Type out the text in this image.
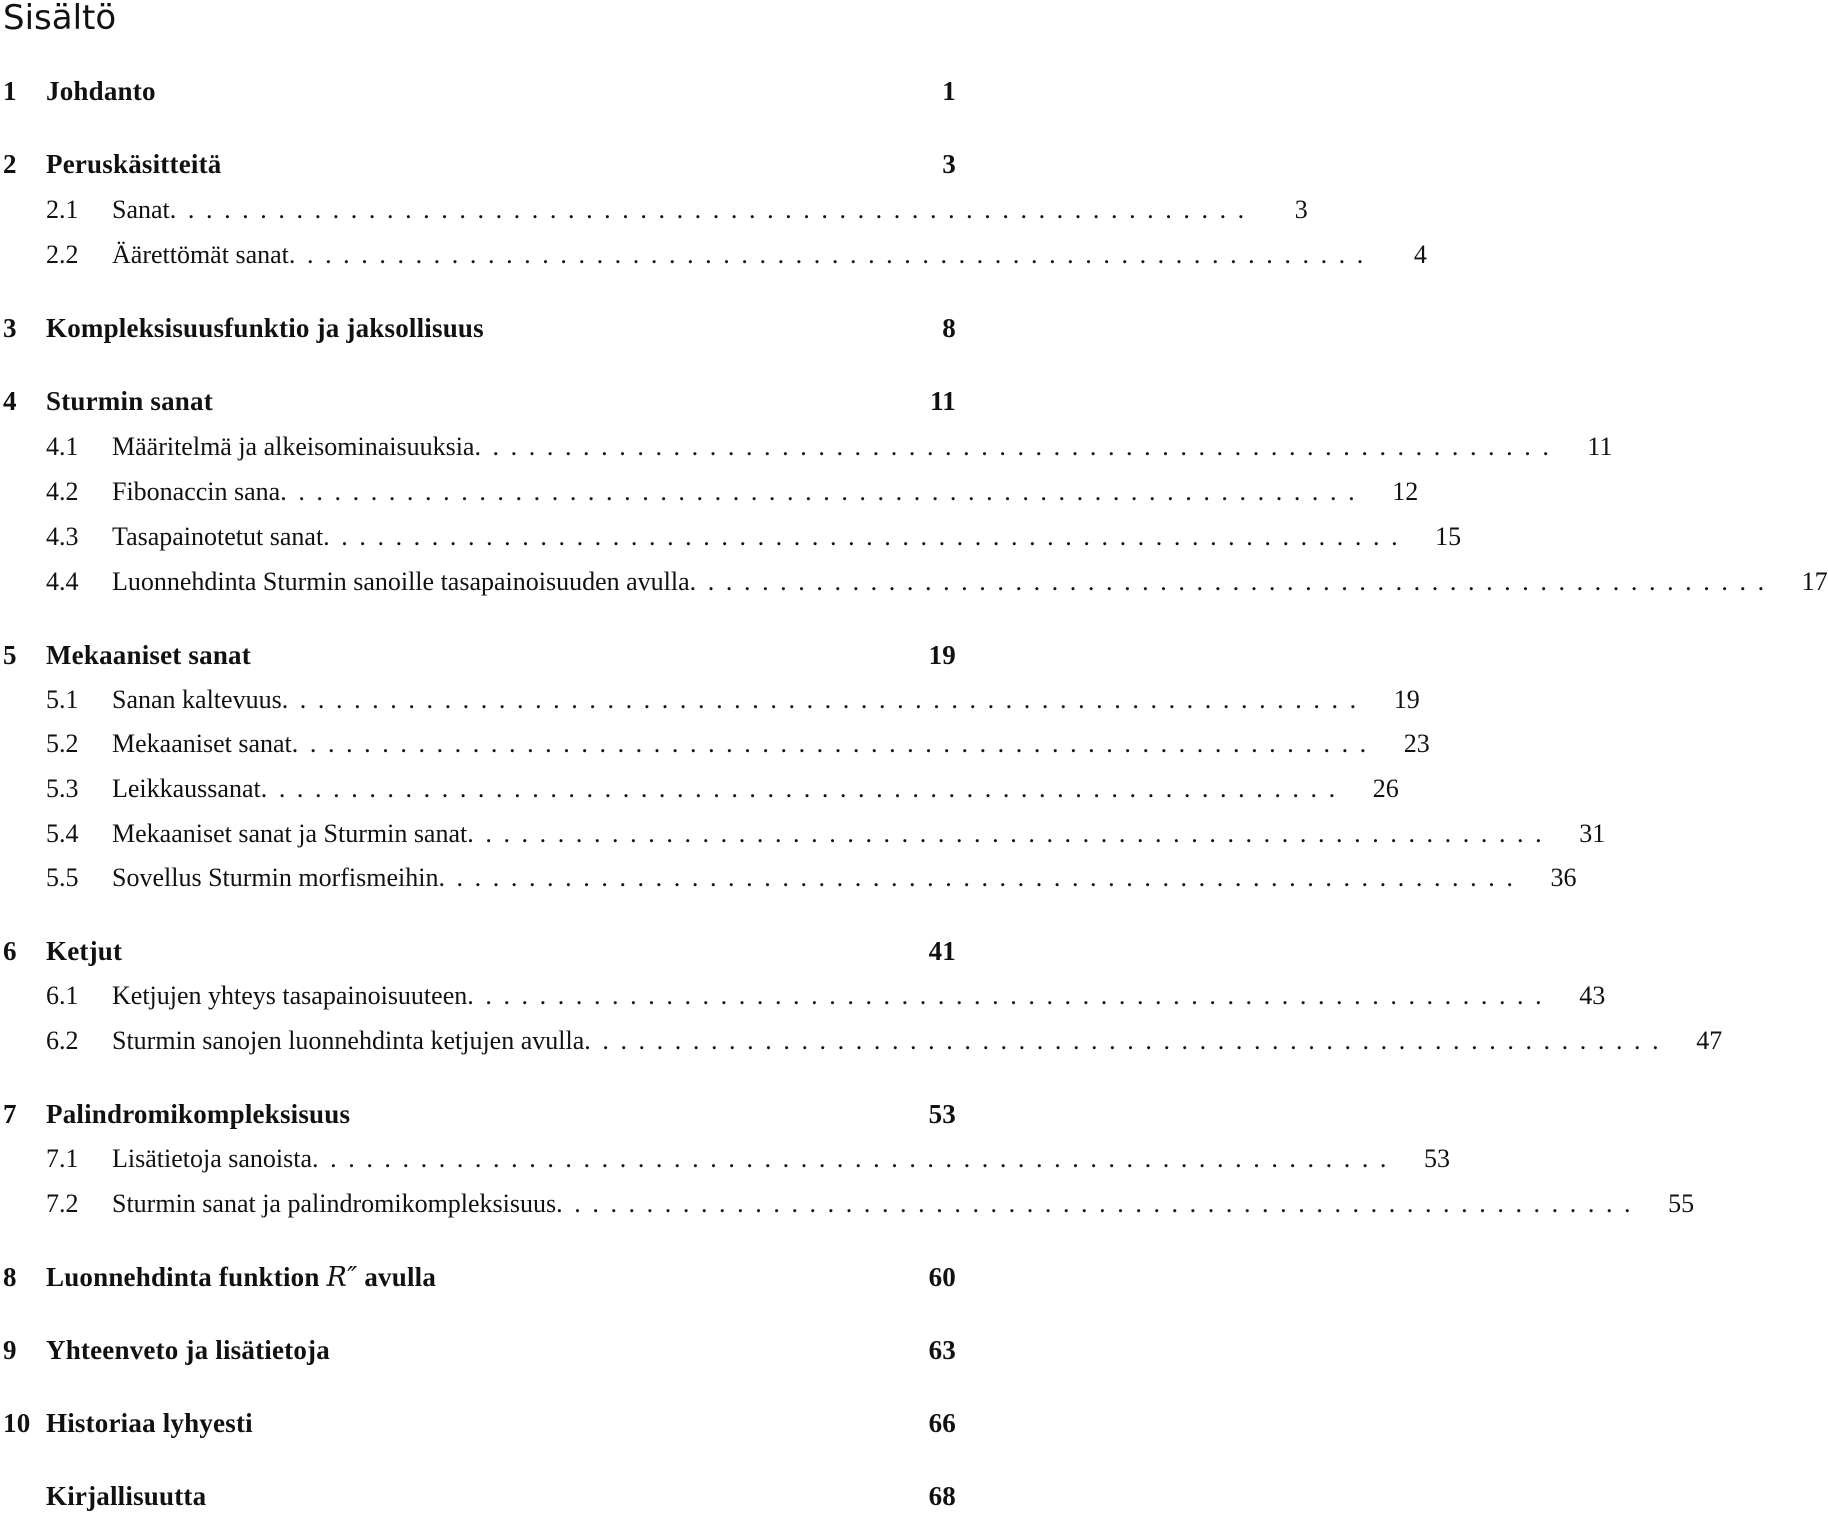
Sisältö
1	Johdanto	1
2	Peruskäsitteitä	3
2.1	Sanat ............................................................	3
2.2	Äärettömät sanat ............................................................	4
3	Kompleksisuusfunktio ja jaksollisuus	8
4	Sturmin sanat	11
4.1	Määritelmä ja alkeisominaisuuksia ............................................................	11
4.2	Fibonaccin sana ............................................................	12
4.3	Tasapainotetut sanat ............................................................	15
4.4	Luonnehdinta Sturmin sanoille tasapainoisuuden avulla ............................................................	17
5	Mekaaniset sanat	19
5.1	Sanan kaltevuus ............................................................	19
5.2	Mekaaniset sanat ............................................................	23
5.3	Leikkaussanat ............................................................	26
5.4	Mekaaniset sanat ja Sturmin sanat ............................................................	31
5.5	Sovellus Sturmin morfismeihin ............................................................	36
6	Ketjut	41
6.1	Ketjujen yhteys tasapainoisuuteen ............................................................	43
6.2	Sturmin sanojen luonnehdinta ketjujen avulla ............................................................	47
7	Palindromikompleksisuus	53
7.1	Lisätietoja sanoista ............................................................	53
7.2	Sturmin sanat ja palindromikompleksisuus ............................................................	55
8	Luonnehdinta funktion R″ avulla	60
9	Yhteenveto ja lisätietoja	63
10 Historiaa lyhyesti	66
Kirjallisuutta	68
